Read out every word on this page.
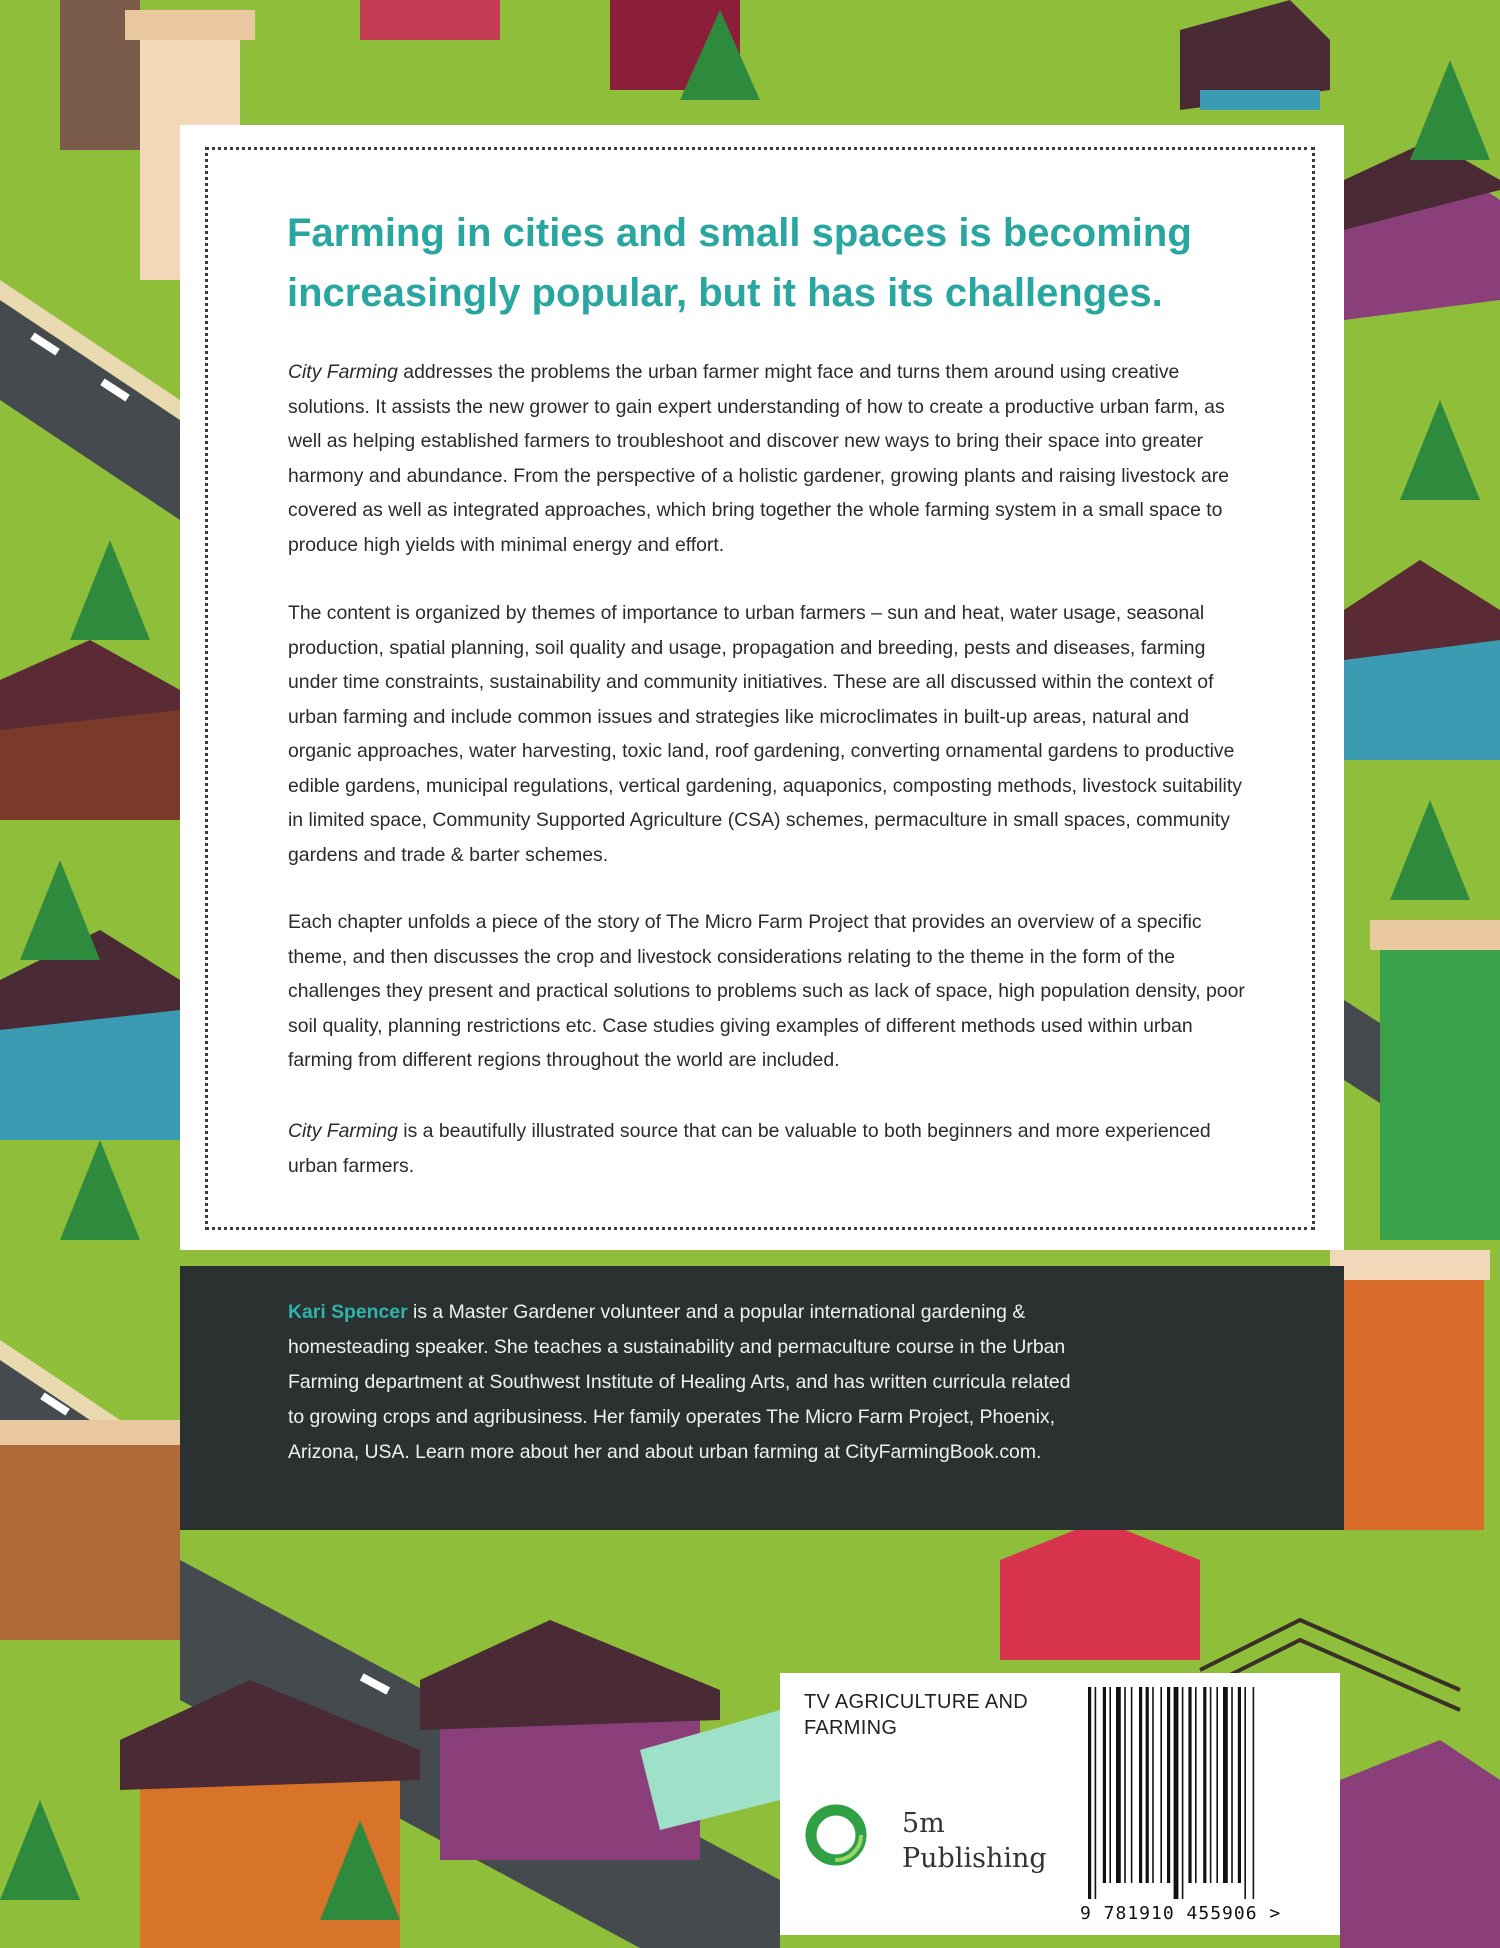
Farming in cities and small spaces is becoming
increasingly popular, but it has its challenges.

City Farming addresses the problems the urban farmer might face and turns them around using creative solutions. It assists the new grower to gain expert understanding of how to create a productive urban farm, as well as helping established farmers to troubleshoot and discover new ways to bring their space into greater harmony and abundance. From the perspective of a holistic gardener, growing plants and raising livestock are covered as well as integrated approaches, which bring together the whole farming system in a small space to produce high yields with minimal energy and effort.

The content is organized by themes of importance to urban farmers – sun and heat, water usage, seasonal production, spatial planning, soil quality and usage, propagation and breeding, pests and diseases, farming under time constraints, sustainability and community initiatives. These are all discussed within the context of urban farming and include common issues and strategies like microclimates in built-up areas, natural and organic approaches, water harvesting, toxic land, roof gardening, converting ornamental gardens to productive edible gardens, municipal regulations, vertical gardening, aquaponics, composting methods, livestock suitability in limited space, Community Supported Agriculture (CSA) schemes, permaculture in small spaces, community gardens and trade & barter schemes.

Each chapter unfolds a piece of the story of The Micro Farm Project that provides an overview of a specific theme, and then discusses the crop and livestock considerations relating to the theme in the form of the challenges they present and practical solutions to problems such as lack of space, high population density, poor soil quality, planning restrictions etc. Case studies giving examples of different methods used within urban farming from different regions throughout the world are included.

City Farming is a beautifully illustrated source that can be valuable to both beginners and more experienced urban farmers.

Kari Spencer is a Master Gardener volunteer and a popular international gardening & homesteading speaker. She teaches a sustainability and permaculture course in the Urban Farming department at Southwest Institute of Healing Arts, and has written curricula related to growing crops and agribusiness. Her family operates The Micro Farm Project, Phoenix, Arizona, USA. Learn more about her and about urban farming at CityFarmingBook.com.

TV AGRICULTURE AND FARMING

5m

Publishing

9 781910 455906 >
